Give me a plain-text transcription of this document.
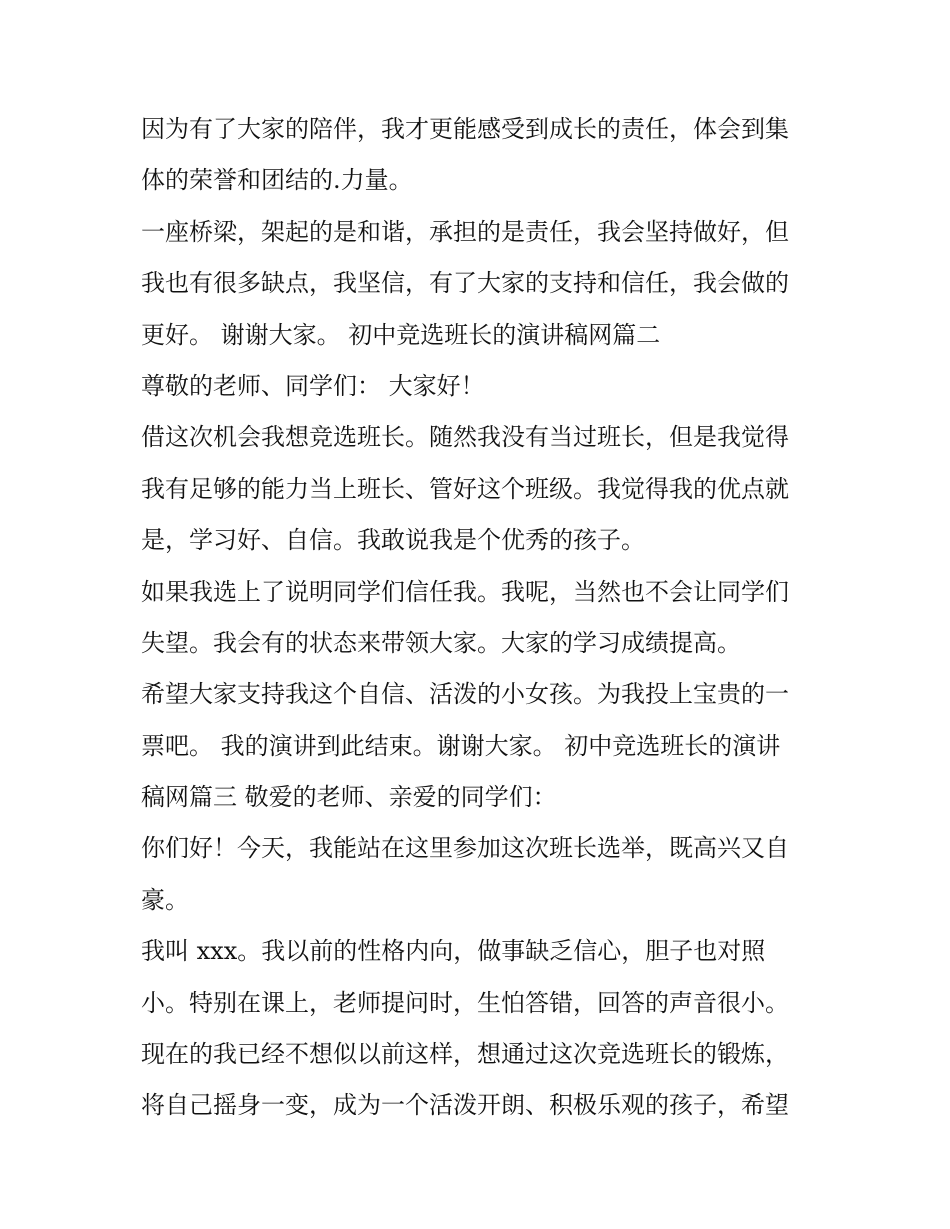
因为有了大家的陪伴，我才更能感受到成长的责任，体会到集
体的荣誉和团结的.力量。
一座桥梁，架起的是和谐，承担的是责任，我会坚持做好，但
我也有很多缺点，我坚信，有了大家的支持和信任，我会做的
更好。 谢谢大家。 初中竞选班长的演讲稿网篇二
尊敬的老师、同学们： 大家好！
借这次机会我想竞选班长。随然我没有当过班长，但是我觉得
我有足够的能力当上班长、管好这个班级。我觉得我的优点就
是，学习好、自信。我敢说我是个优秀的孩子。
如果我选上了说明同学们信任我。我呢，当然也不会让同学们
失望。我会有的状态来带领大家。大家的学习成绩提高。
希望大家支持我这个自信、活泼的小女孩。为我投上宝贵的一
票吧。 我的演讲到此结束。谢谢大家。 初中竞选班长的演讲
稿网篇三 敬爱的老师、亲爱的同学们：
你们好！今天，我能站在这里参加这次班长选举，既高兴又自
豪。
我叫 xxx。我以前的性格内向，做事缺乏信心，胆子也对照
小。特别在课上，老师提问时，生怕答错，回答的声音很小。
现在的我已经不想似以前这样，想通过这次竞选班长的锻炼，
将自己摇身一变，成为一个活泼开朗、积极乐观的孩子，希望
